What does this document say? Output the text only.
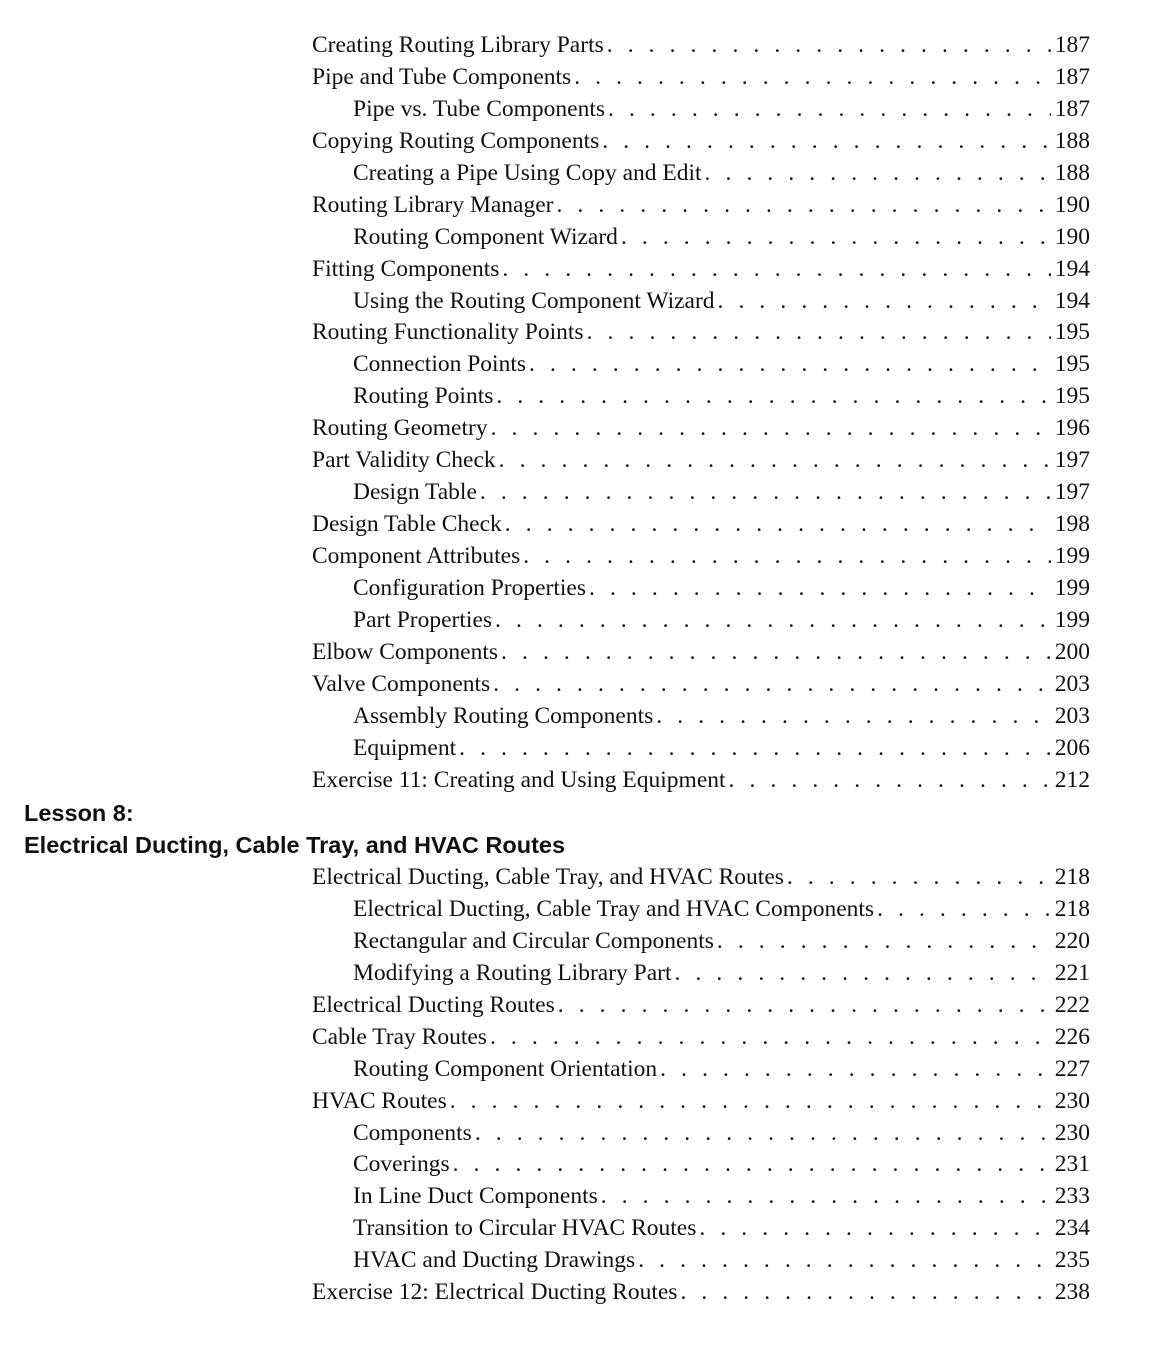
Creating Routing Library Parts . . .	187
Pipe and Tube Components . . .	187
Pipe vs. Tube Components . . .	187
Copying Routing Components . . .	188
Creating a Pipe Using Copy and Edit . . .	188
Routing Library Manager . . .	190
Routing Component Wizard . . .	190
Fitting Components . . .	194
Using the Routing Component Wizard . . .	194
Routing Functionality Points . . .	195
Connection Points . . .	195
Routing Points . . .	195
Routing Geometry . . .	196
Part Validity Check . . .	197
Design Table . . .	197
Design Table Check . . .	198
Component Attributes . . .	199
Configuration Properties . . .	199
Part Properties . . .	199
Elbow Components . . .	200
Valve Components . . .	203
Assembly Routing Components . . .	203
Equipment . . .	206
Exercise 11: Creating and Using Equipment . . .	212
Lesson 8:
Electrical Ducting, Cable Tray, and HVAC Routes
Electrical Ducting, Cable Tray, and HVAC Routes . . .	218
Electrical Ducting, Cable Tray and HVAC Components . . .	218
Rectangular and Circular Components . . .	220
Modifying a Routing Library Part . . .	221
Electrical Ducting Routes . . .	222
Cable Tray Routes . . .	226
Routing Component Orientation . . .	227
HVAC Routes . . .	230
Components . . .	230
Coverings . . .	231
In Line Duct Components . . .	233
Transition to Circular HVAC Routes . . .	234
HVAC and Ducting Drawings . . .	235
Exercise 12: Electrical Ducting Routes . . .	238
